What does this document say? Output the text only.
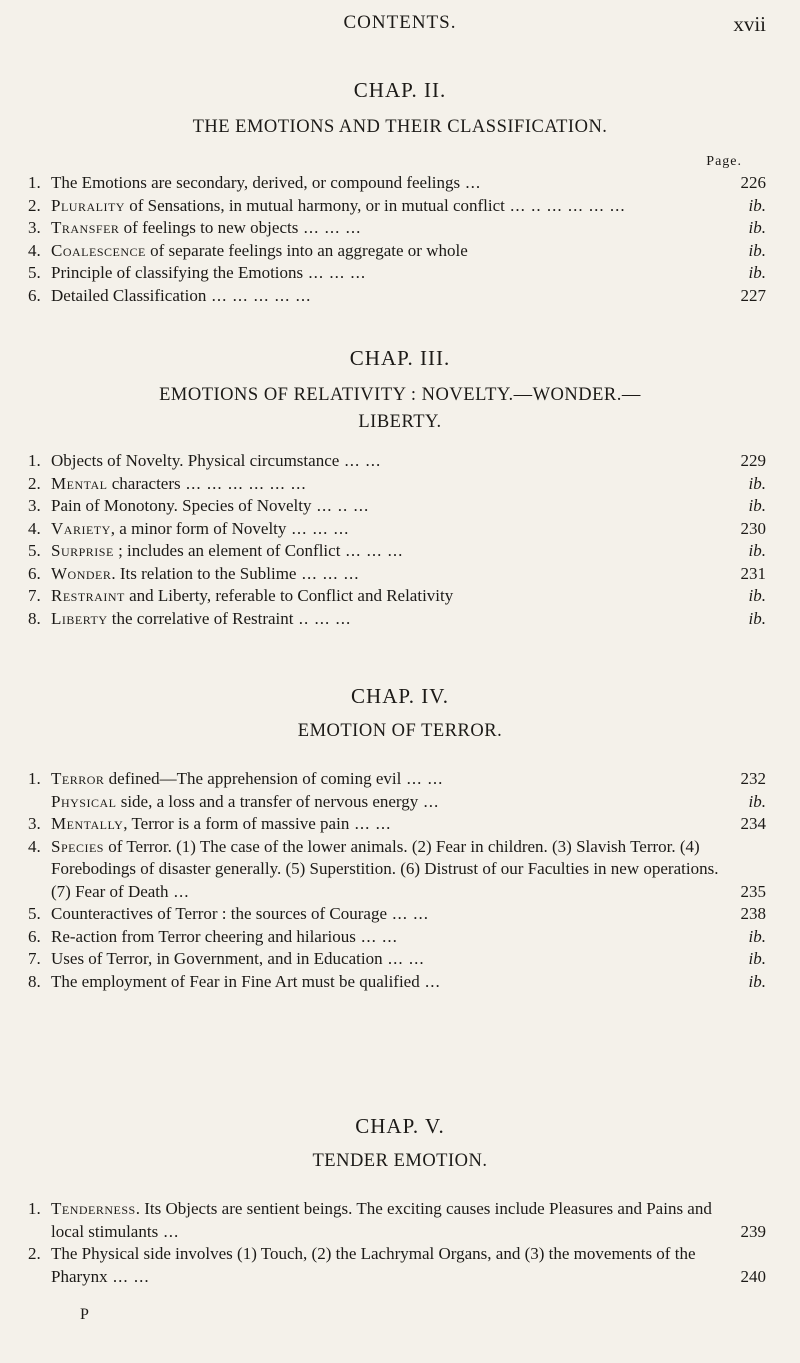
CONTENTS.	xvii

CHAP. II.

THE EMOTIONS AND THEIR CLASSIFICATION.

Page.
1. The Emotions are secondary, derived, or compound feelings ...	226
2. Plurality of Sensations, in mutual harmony, or in mutual conflict ... .. ... ... ... ...	ib.
3. Transfer of feelings to new objects ... ... ...	ib.
4. Coalescence of separate feelings into an aggregate or whole	ib.
5. Principle of classifying the Emotions ... ... ...	ib.
6. Detailed Classification ... ... ... ... ...	227

CHAP. III.

EMOTIONS OF RELATIVITY : NOVELTY.—WONDER.—

LIBERTY.

1. Objects of Novelty. Physical circumstance ... ...	229
2. Mental characters ... ... ... ... ... ...	ib.
3. Pain of Monotony. Species of Novelty ... .. ...	ib.
4. Variety, a minor form of Novelty ... ... ...	230
5. Surprise ; includes an element of Conflict ... ... ...	ib.
6. Wonder. Its relation to the Sublime ... ... ...	231
7. Restraint and Liberty, referable to Conflict and Relativity	ib.
8. Liberty the correlative of Restraint .. ... ...	ib.

CHAP. IV.

EMOTION OF TERROR.

1. Terror defined—The apprehension of coming evil ... ...	232
Physical side, a loss and a transfer of nervous energy ...	ib.
3. Mentally, Terror is a form of massive pain ... ...	234
4. Species of Terror. (1) The case of the lower animals. (2) Fear in children. (3) Slavish Terror. (4) Forebodings of disaster generally. (5) Superstition. (6) Distrust of our Faculties in new operations. (7) Fear of Death ...	235
5. Counteractives of Terror : the sources of Courage ... ...	238
6. Re-action from Terror cheering and hilarious ... ...	ib.
7. Uses of Terror, in Government, and in Education ... ...	ib.
8. The employment of Fear in Fine Art must be qualified ...	ib.

CHAP. V.

TENDER EMOTION.

1. Tenderness. Its Objects are sentient beings. The exciting causes include Pleasures and Pains and local stimulants ...	239
2. The Physical side involves (1) Touch, (2) the Lachrymal Organs, and (3) the movements of the Pharynx ... ...	240
P
